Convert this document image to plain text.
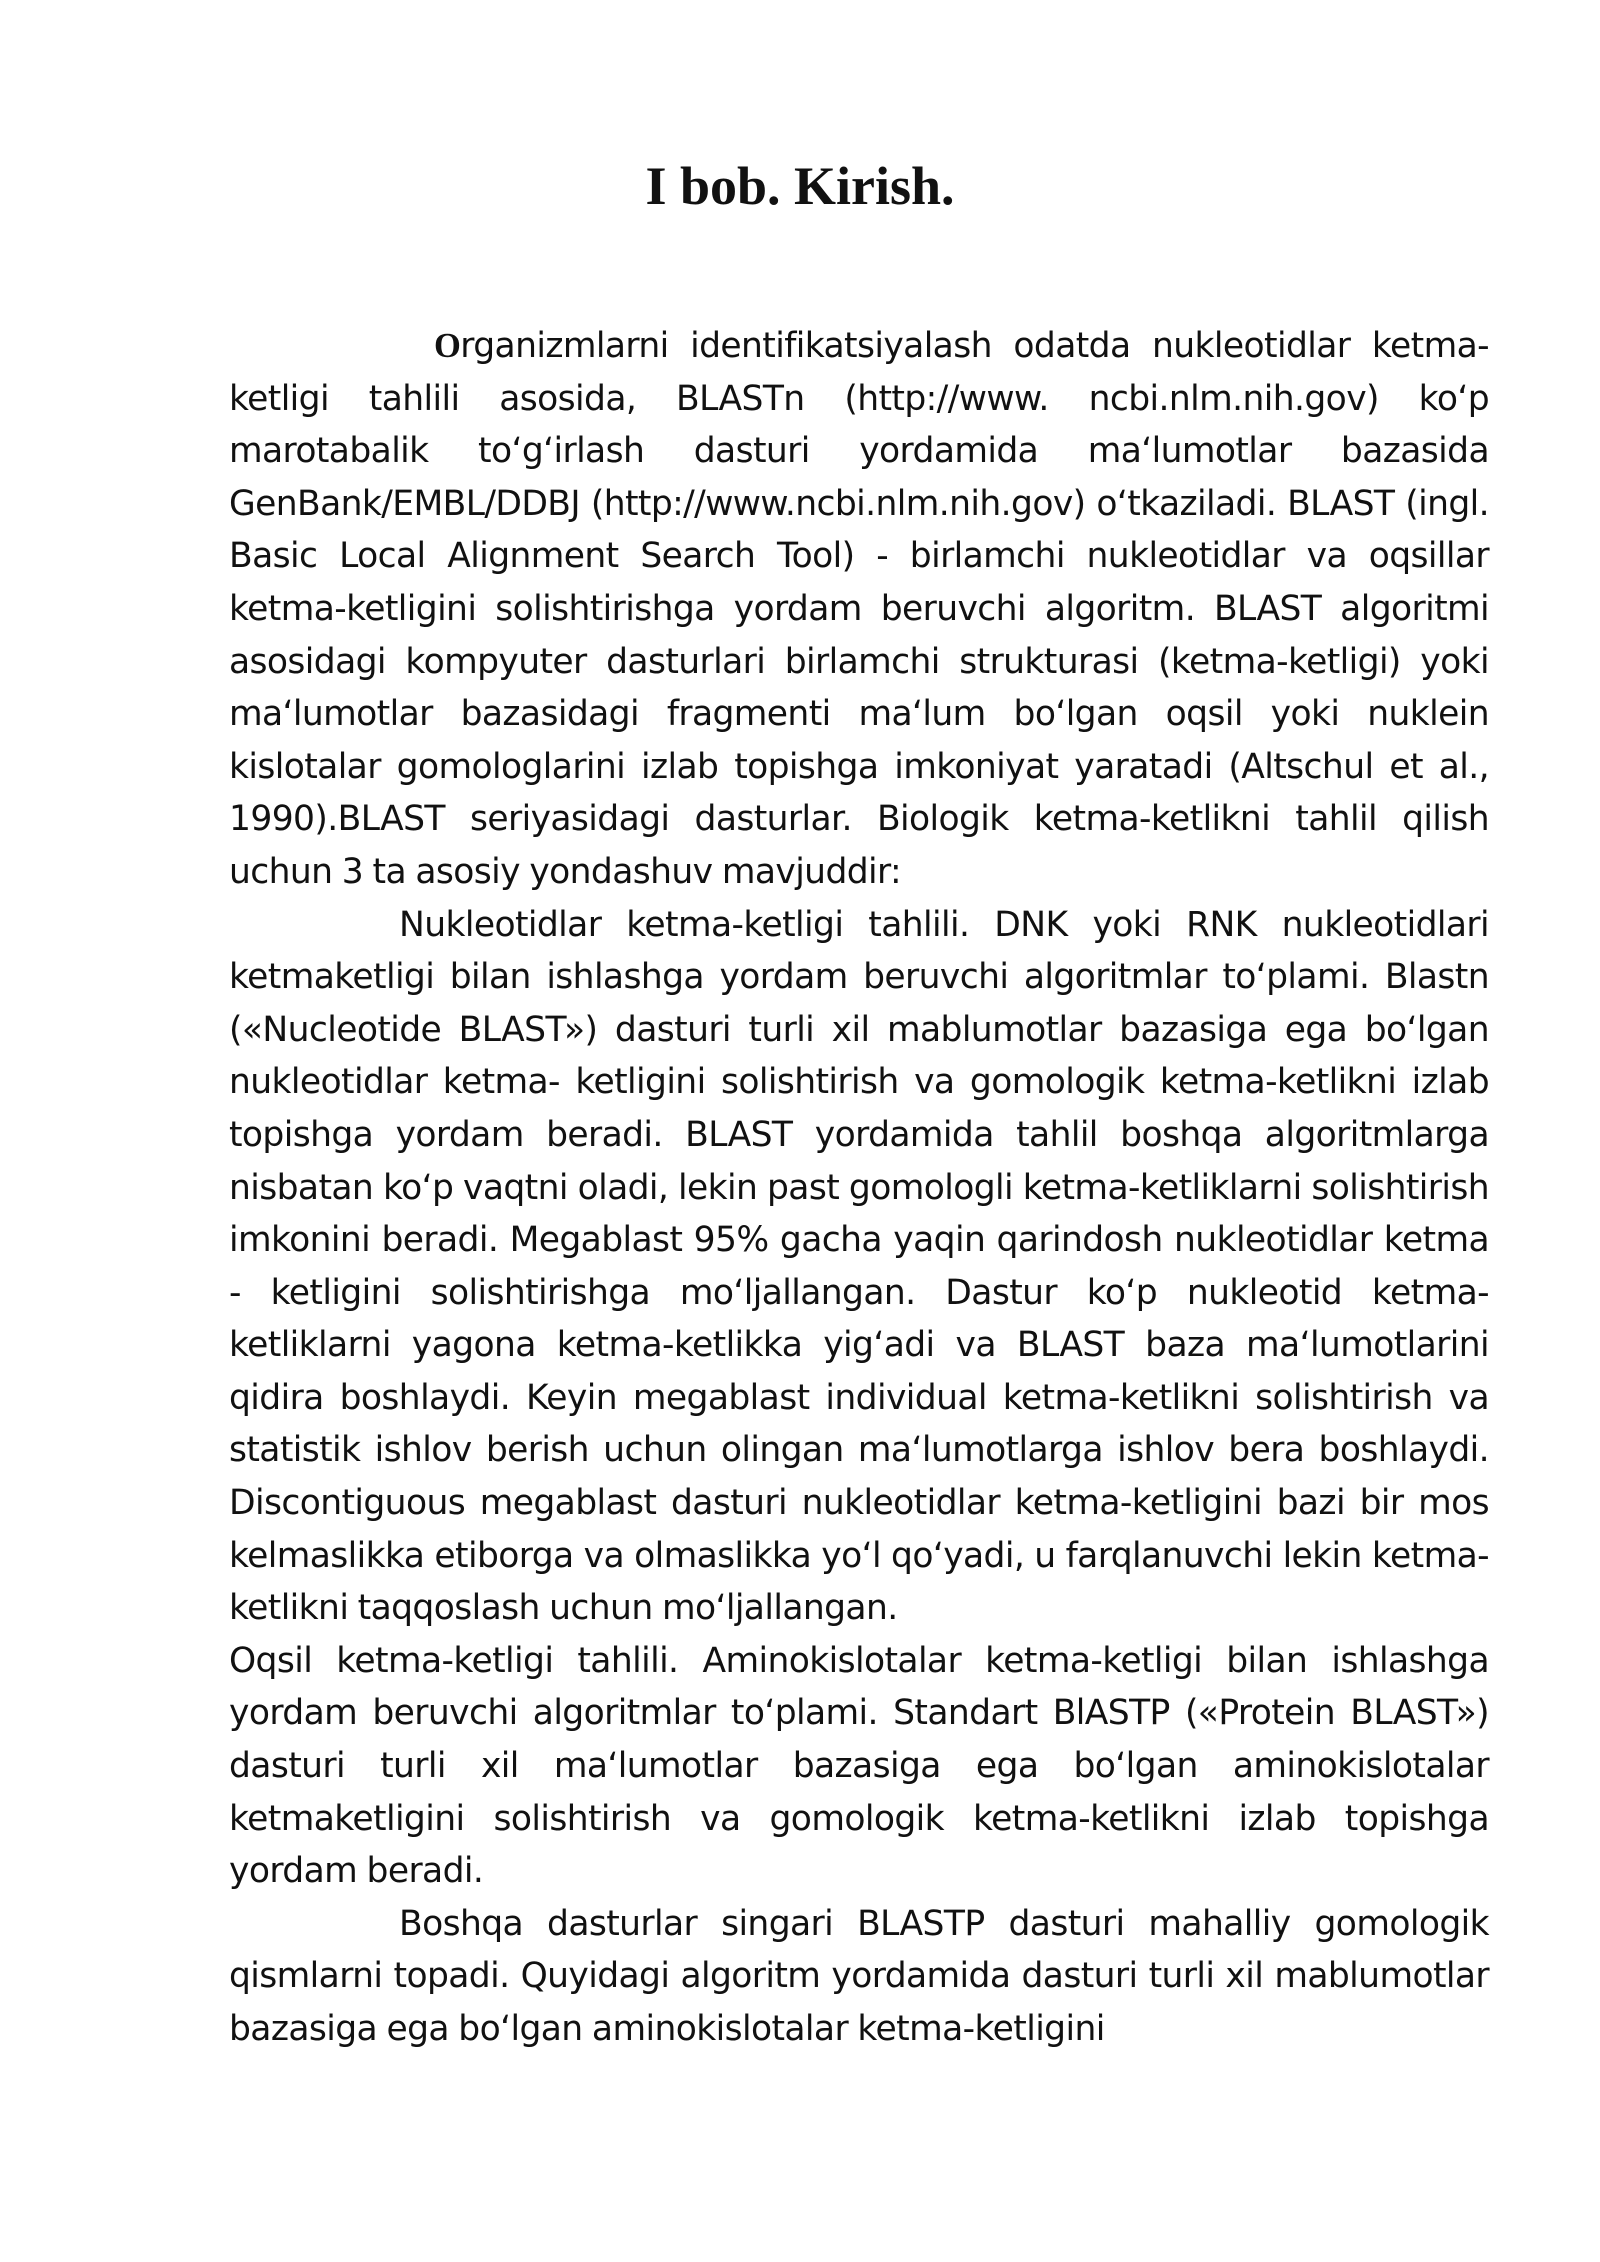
I bob. Kirish.

Organizmlarni identifikatsiyalash odatda nukleotidlar ketma-ketligi tahlili asosida, BLASTn (http://www. ncbi.nlm.nih.gov) koʻp marotabalik toʻgʻirlash dasturi yordamida maʻlumotlar bazasida GenBank/EMBL/DDBJ (http://www.ncbi.nlm.nih.gov) oʻtkaziladi. BLAST (ingl. Basic Local Alignment Search Tool) - birlamchi nukleotidlar va oqsillar ketma-ketligini solishtirishga yordam beruvchi algoritm. BLAST algoritmi asosidagi kompyuter dasturlari birlamchi strukturasi (ketma-ketligi) yoki maʻlumotlar bazasidagi fragmenti maʻlum boʻlgan oqsil yoki nuklein kislotalar gomologlarini izlab topishga imkoniyat yaratadi (Altschul et al., 1990).BLAST seriyasidagi dasturlar. Biologik ketma-ketlikni tahlil qilish uchun 3 ta asosiy yondashuv mavjuddir:

Nukleotidlar ketma-ketligi tahlili. DNK yoki RNK nukleotidlari ketmaketligi bilan ishlashga yordam beruvchi algoritmlar toʻplami. Blastn («Nucleotide BLAST») dasturi turli xil mablumotlar bazasiga ega boʻlgan nukleotidlar ketma- ketligini solishtirish va gomologik ketma-ketlikni izlab topishga yordam beradi. BLAST yordamida tahlil boshqa algoritmlarga nisbatan koʻp vaqtni oladi, lekin past gomologli ketma-ketliklarni solishtirish imkonini beradi. Megablast 95% gacha yaqin qarindosh nukleotidlar ketma - ketligini solishtirishga moʻljallangan. Dastur koʻp nukleotid ketma-ketliklarni yagona ketma-ketlikka yigʻadi va BLAST baza maʻlumotlarini qidira boshlaydi. Keyin megablast individual ketma-ketlikni solishtirish va statistik ishlov berish uchun olingan maʻlumotlarga ishlov bera boshlaydi. Discontiguous megablast dasturi nukleotidlar ketma-ketligini bazi bir mos kelmaslikka etiborga va olmaslikka yoʻl qoʻyadi, u farqlanuvchi lekin ketma- ketlikni taqqoslash uchun moʻljallangan.

Oqsil ketma-ketligi tahlili. Aminokislotalar ketma-ketligi bilan ishlashga yordam beruvchi algoritmlar toʻplami. Standart BlASTP («Protein BLAST») dasturi turli xil maʻlumotlar bazasiga ega boʻlgan aminokislotalar ketmaketligini solishtirish va gomologik ketma-ketlikni izlab topishga yordam beradi.

Boshqa dasturlar singari BLASTP dasturi mahalliy gomologik qismlarni topadi. Quyidagi algoritm yordamida dasturi turli xil mablumotlar bazasiga ega boʻlgan aminokislotalar ketma-ketligini
